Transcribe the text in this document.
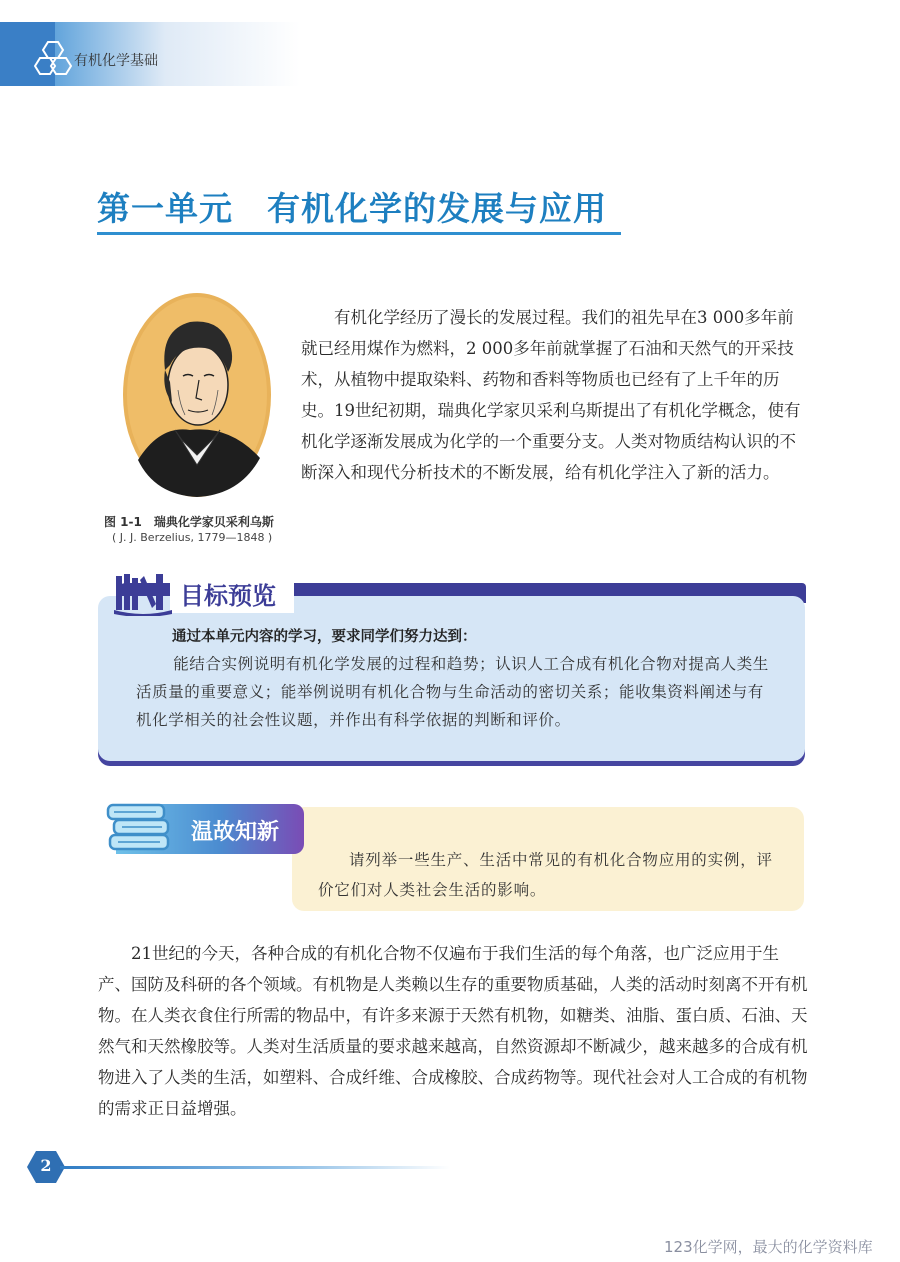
有机化学基础
第一单元　有机化学的发展与应用
图 1-1　瑞典化学家贝采利乌斯
( J. J. Berzelius, 1779—1848 )
有机化学经历了漫长的发展过程。我们的祖先早在3 000多年前就已经用煤作为燃料，2 000多年前就掌握了石油和天然气的开采技术，从植物中提取染料、药物和香料等物质也已经有了上千年的历史。19世纪初期，瑞典化学家贝采利乌斯提出了有机化学概念，使有机化学逐渐发展成为化学的一个重要分支。人类对物质结构认识的不断深入和现代分析技术的不断发展，给有机化学注入了新的活力。
目标预览
通过本单元内容的学习，要求同学们努力达到：
能结合实例说明有机化学发展的过程和趋势；认识人工合成有机化合物对提高人类生活质量的重要意义；能举例说明有机化合物与生命活动的密切关系；能收集资料阐述与有机化学相关的社会性议题，并作出有科学依据的判断和评价。
温故知新
请列举一些生产、生活中常见的有机化合物应用的实例，评价它们对人类社会生活的影响。
21世纪的今天，各种合成的有机化合物不仅遍布于我们生活的每个角落，也广泛应用于生产、国防及科研的各个领域。有机物是人类赖以生存的重要物质基础，人类的活动时刻离不开有机物。在人类衣食住行所需的物品中，有许多来源于天然有机物，如糖类、油脂、蛋白质、石油、天然气和天然橡胶等。人类对生活质量的要求越来越高，自然资源却不断减少，越来越多的合成有机物进入了人类的生活，如塑料、合成纤维、合成橡胶、合成药物等。现代社会对人工合成的有机物的需求正日益增强。
2
123化学网，最大的化学资料库
